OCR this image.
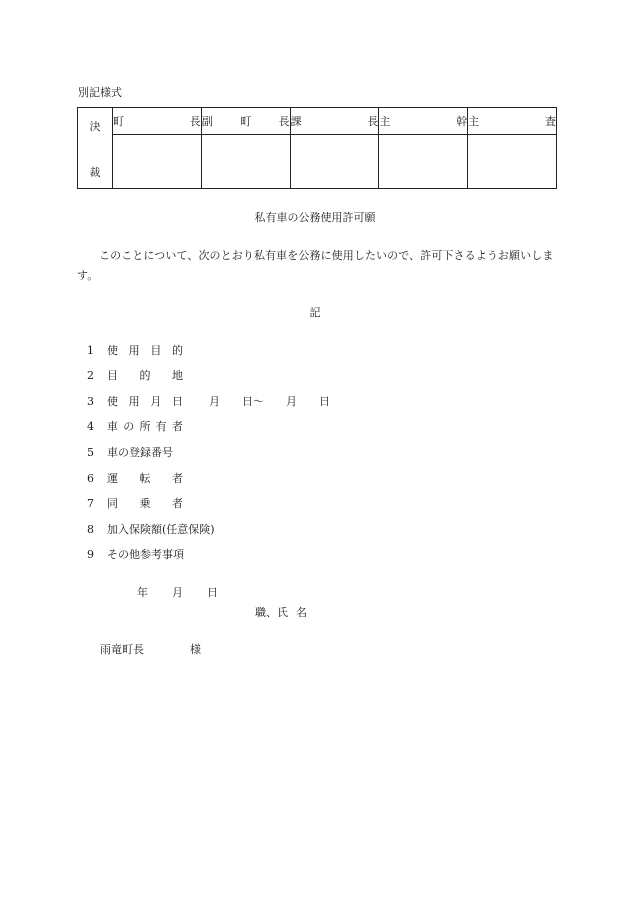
別記様式
決
裁	町 長	副 町 長	課 長	主 幹	主 査

私有車の公務使用許可願
このことについて、次のとおり私有車を公務に使用したいので、許可下さるようお願いします。
記
1	使 用 目 的
2	目 的 地
3	使 用 月 日 月　　日〜　　月　　日
4	車 の 所 有 者
5	車の登録番号
6	運 転 者
7	同 乗 者
8	加入保険額(任意保険)
9	その他参考事項
年 月 日
職、氏 名
雨竜町長	様
